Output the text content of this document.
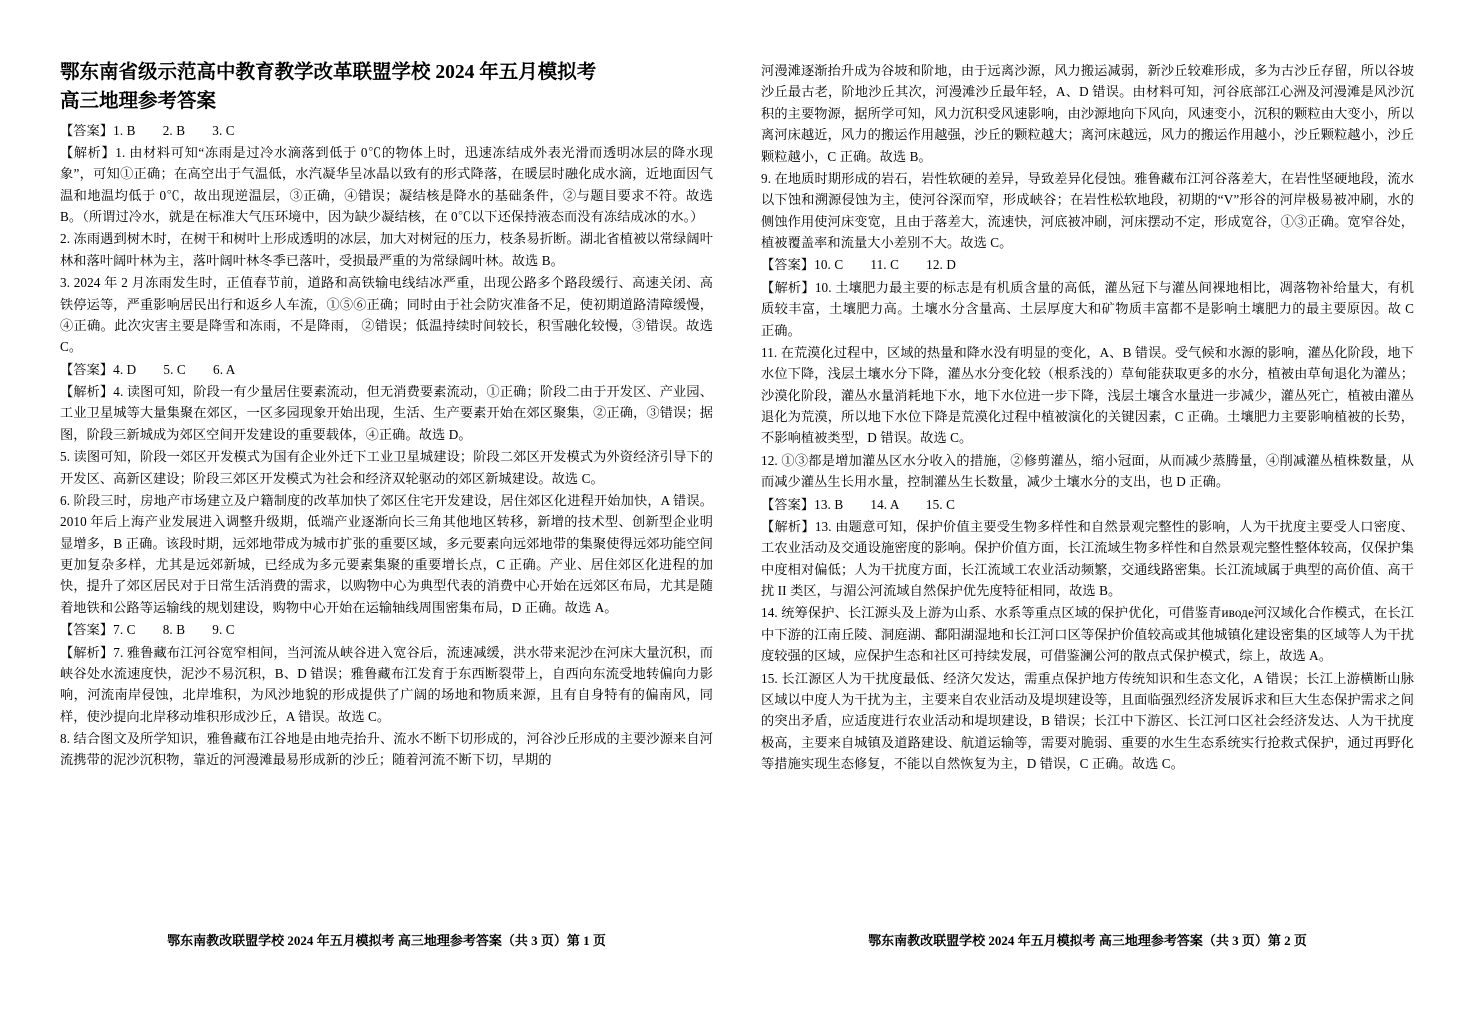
鄂东南省级示范高中教育教学改革联盟学校 2024 年五月模拟考
高三地理参考答案

【答案】1. B        2. B        3. C

【解析】1. 由材料可知“冻雨是过冷水滴落到低于 0℃的物体上时，迅速冻结成外表光滑而透明冰层的降水现象”，可知①正确；在高空出于气温低，水汽凝华呈冰晶以致有的形式降落，在暖层时融化成水滴，近地面因气温和地温均低于 0℃，故出现逆温层，③正确，④错误；凝结核是降水的基础条件，②与题目要求不符。故选 B。（所谓过冷水，就是在标准大气压环境中，因为缺少凝结核，在 0℃以下还保持液态而没有冻结成冰的水。）

2. 冻雨遇到树木时，在树干和树叶上形成透明的冰层，加大对树冠的压力，枝条易折断。湖北省植被以常绿阔叶林和落叶阔叶林为主，落叶阔叶林冬季已落叶，受损最严重的为常绿阔叶林。故选 B。

3. 2024 年 2 月冻雨发生时，正值春节前，道路和高铁输电线结冰严重，出现公路多个路段缓行、高速关闭、高铁停运等，严重影响居民出行和返乡人车流，①⑤⑥正确；同时由于社会防灾准备不足，使初期道路清障缓慢，④正确。此次灾害主要是降雪和冻雨，不是降雨， ②错误；低温持续时间较长，积雪融化较慢，③错误。故选 C。

【答案】4. D        5. C        6. A

【解析】4. 读图可知，阶段一有少量居住要素流动，但无消费要素流动，①正确；阶段二由于开发区、产业园、工业卫星城等大量集聚在郊区，一区多园现象开始出现，生活、生产要素开始在郊区聚集，②正确，③错误；据图，阶段三新城成为郊区空间开发建设的重要载体，④正确。故选 D。

5. 读图可知，阶段一郊区开发模式为国有企业外迁下工业卫星城建设；阶段二郊区开发模式为外资经济引导下的开发区、高新区建设；阶段三郊区开发模式为社会和经济双轮驱动的郊区新城建设。故选 C。

6. 阶段三时，房地产市场建立及户籍制度的改革加快了郊区住宅开发建设，居住郊区化进程开始加快，A 错误。2010 年后上海产业发展进入调整升级期，低端产业逐渐向长三角其他地区转移，新增的技术型、创新型企业明显增多，B 正确。该段时期，远郊地带成为城市扩张的重要区域，多元要素向远郊地带的集聚使得远郊功能空间更加复杂多样，尤其是远郊新城，已经成为多元要素集聚的重要增长点，C 正确。产业、居住郊区化进程的加快，提升了郊区居民对于日常生活消费的需求，以购物中心为典型代表的消费中心开始在远郊区布局，尤其是随着地铁和公路等运输线的规划建设，购物中心开始在运输轴线周围密集布局，D 正确。故选 A。

【答案】7. C        8. B        9. C

【解析】7. 雅鲁藏布江河谷宽窄相间，当河流从峡谷进入宽谷后，流速减缓，洪水带来泥沙在河床大量沉积，而峡谷处水流速度快，泥沙不易沉积，B、D 错误；雅鲁藏布江发育于东西断裂带上，自西向东流受地转偏向力影响，河流南岸侵蚀，北岸堆积，为风沙地貌的形成提供了广阔的场地和物质来源，且有自身特有的偏南风，同样，使沙提向北岸移动堆积形成沙丘，A 错误。故选 C。

8. 结合图文及所学知识，雅鲁藏布江谷地是由地壳抬升、流水不断下切形成的，河谷沙丘形成的主要沙源来自河流携带的泥沙沉积物，靠近的河漫滩最易形成新的沙丘；随着河流不断下切，早期的

河漫滩逐渐抬升成为谷坡和阶地，由于远离沙源，风力搬运减弱，新沙丘较难形成，多为古沙丘存留，所以谷坡沙丘最古老，阶地沙丘其次，河漫滩沙丘最年轻，A、D 错误。由材料可知，河谷底部江心洲及河漫滩是风沙沉积的主要物源，据所学可知，风力沉积受风速影响，由沙源地向下风向，风速变小，沉积的颗粒由大变小，所以离河床越近，风力的搬运作用越强，沙丘的颗粒越大；离河床越远，风力的搬运作用越小，沙丘颗粒越小，沙丘颗粒越小，C 正确。故选 B。

9. 在地质时期形成的岩石，岩性软硬的差异，导致差异化侵蚀。雅鲁藏布江河谷落差大，在岩性坚硬地段，流水以下蚀和溯源侵蚀为主，使河谷深而窄，形成峡谷；在岩性松软地段，初期的“V”形谷的河岸极易被冲刷，水的侧蚀作用使河床变宽，且由于落差大，流速快，河底被冲刷，河床摆动不定，形成宽谷，①③正确。宽窄谷处，植被覆盖率和流量大小差别不大。故选 C。

【答案】10. C        11. C        12. D

【解析】10. 土壤肥力最主要的标志是有机质含量的高低，灌丛冠下与灌丛间裸地相比，凋落物补给量大，有机质较丰富，土壤肥力高。土壤水分含量高、土层厚度大和矿物质丰富都不是影响土壤肥力的最主要原因。故 C 正确。

11. 在荒漠化过程中，区域的热量和降水没有明显的变化，A、B 错误。受气候和水源的影响，灌丛化阶段，地下水位下降，浅层土壤水分下降，灌丛水分变化较（根系浅的）草甸能获取更多的水分，植被由草甸退化为灌丛；沙漠化阶段，灌丛水量消耗地下水，地下水位进一步下降，浅层土壤含水量进一步减少，灌丛死亡，植被由灌丛退化为荒漠，所以地下水位下降是荒漠化过程中植被演化的关键因素，C 正确。土壤肥力主要影响植被的长势，不影响植被类型，D 错误。故选 C。

12. ①③都是增加灌丛区水分收入的措施，②修剪灌丛，缩小冠面，从而减少蒸腾量，④削减灌丛植株数量，从而减少灌丛生长用水量，控制灌丛生长数量，减少土壤水分的支出，也 D 正确。

【答案】13. B        14. A        15. C

【解析】13. 由题意可知，保护价值主要受生物多样性和自然景观完整性的影响，人为干扰度主要受人口密度、工农业活动及交通设施密度的影响。保护价值方面，长江流域生物多样性和自然景观完整性整体较高，仅保护集中度相对偏低；人为干扰度方面，长江流域工农业活动频繁，交通线路密集。长江流域属于典型的高价值、高干扰 II 类区，与湄公河流域自然保护优先度特征相同，故选 B。

14. 统筹保护、长江源头及上游为山系、水系等重点区域的保护优化，可借鉴青иводе河汉域化合作模式，在长江中下游的江南丘陵、洞庭湖、鄱阳湖湿地和长江河口区等保护价值较高或其他城镇化建设密集的区域等人为干扰度较强的区域，应保护生态和社区可持续发展，可借鉴澜公河的散点式保护模式，综上，故选 A。

15. 长江源区人为干扰度最低、经济欠发达，需重点保护地方传统知识和生态文化，A 错误；长江上游横断山脉区域以中度人为干扰为主，主要来自农业活动及堤坝建设等，且面临强烈经济发展诉求和巨大生态保护需求之间的突出矛盾，应适度进行农业活动和堤坝建设，B 错误；长江中下游区、长江河口区社会经济发达、人为干扰度极高，主要来自城镇及道路建设、航道运输等，需要对脆弱、重要的水生生态系统实行抢救式保护，通过再野化等措施实现生态修复，不能以自然恢复为主，D 错误，C 正确。故选 C。

鄂东南教改联盟学校 2024 年五月模拟考 高三地理参考答案（共 3 页）第 1 页	鄂东南教改联盟学校 2024 年五月模拟考 高三地理参考答案（共 3 页）第 2 页
